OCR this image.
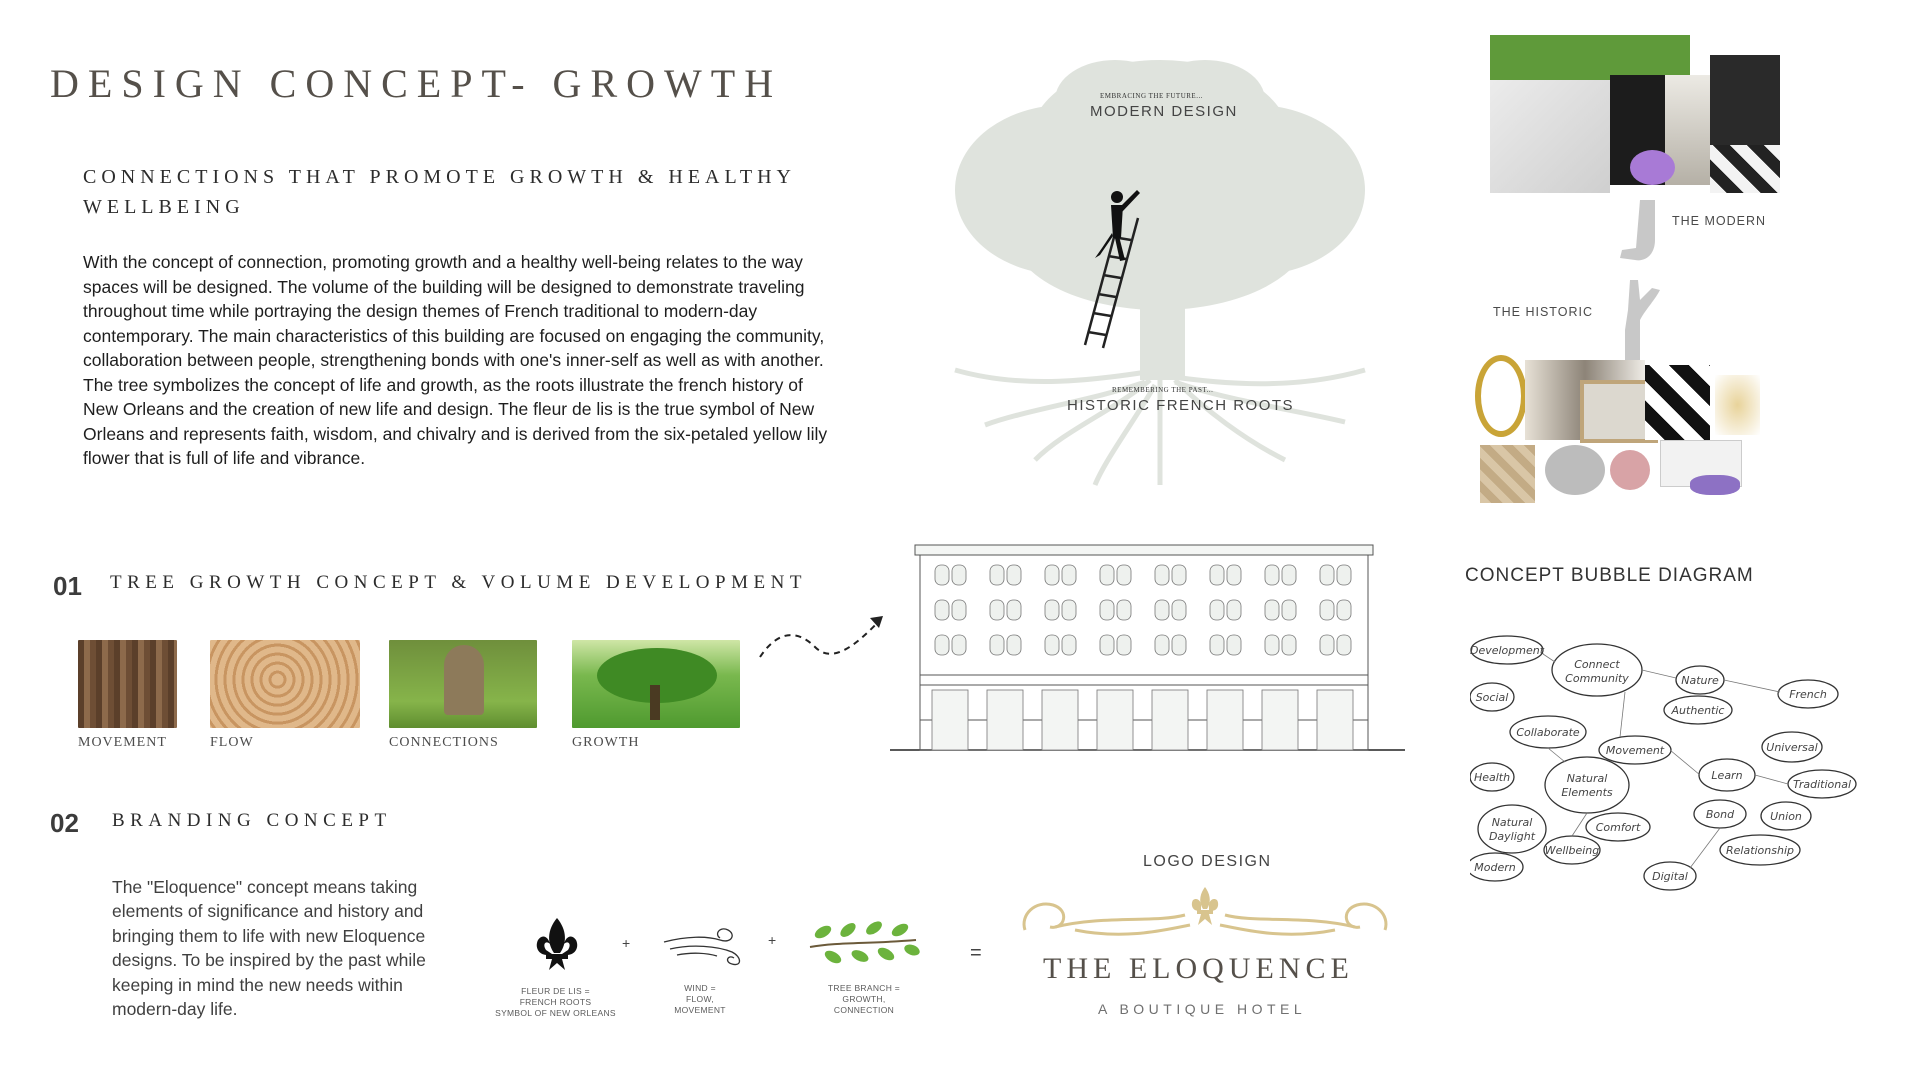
DESIGN CONCEPT- GROWTH
CONNECTIONS THAT PROMOTE GROWTH & HEALTHY WELLBEING
With the concept of connection, promoting growth and a healthy well-being relates to the way spaces will be designed. The volume of the building will be designed to demonstrate traveling throughout time while portraying the design themes of French traditional to modern-day contemporary. The main characteristics of this building are focused on engaging the community, collaboration between people, strengthening bonds with one's inner-self as well as with another. The tree symbolizes the concept of life and growth, as the roots illustrate the french history of New Orleans and the creation of new life and design. The fleur de lis is the true symbol of New Orleans and represents faith, wisdom, and chivalry and is derived from the six-petaled yellow lily flower that is full of life and vibrance.
EMBRACING THE FUTURE...
MODERN DESIGN
REMEMBERING THE PAST...
HISTORIC FRENCH ROOTS
THE MODERN
THE HISTORIC
01 TREE GROWTH CONCEPT & VOLUME DEVELOPMENT
MOVEMENT	FLOW	CONNECTIONS	GROWTH
CONCEPT BUBBLE DIAGRAM
Development
Connect
Community	Nature
French
Social
Authentic
Collaborate
Movement	Universal
Health	Natural
Elements
Learn
Traditional
Bond	Union
Natural
Daylight
Comfort
Relationship
Wellbeing
Modern
Digital
02 BRANDING CONCEPT
The "Eloquence" concept means taking elements of significance and history and bringing them to life with new Eloquence designs. To be inspired by the past while keeping in mind the new needs within modern-day life.
FLEUR DE LIS =
FRENCH ROOTS
SYMBOL OF NEW ORLEANS
+
WIND =
FLOW,
MOVEMENT
+
TREE BRANCH =
GROWTH,
CONNECTION
=
LOGO DESIGN
THE ELOQUENCE
A BOUTIQUE HOTEL
